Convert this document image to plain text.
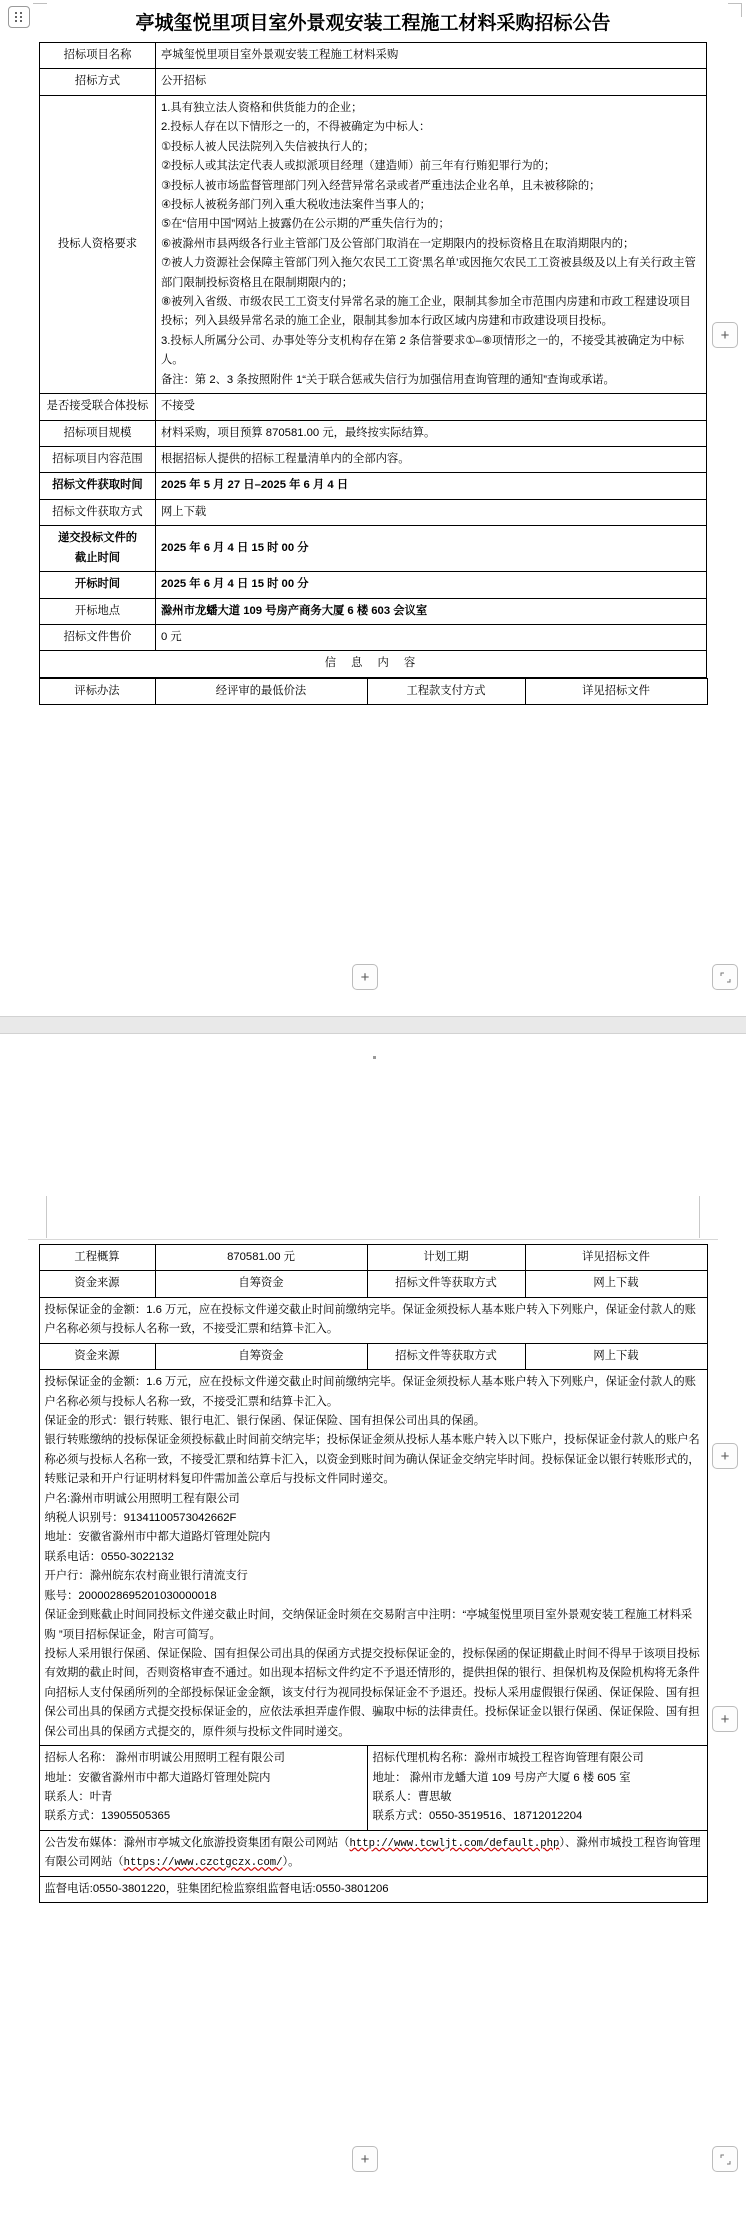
亭城玺悦里项目室外景观安装工程施工材料采购招标公告
招标项目名称	亭城玺悦里项目室外景观安装工程施工材料采购
招标方式	公开招标
投标人资格要求	

1.具有独立法人资格和供货能力的企业；

2.投标人存在以下情形之一的，不得被确定为中标人：

①投标人被人民法院列入失信被执行人的；

②投标人或其法定代表人或拟派项目经理（建造师）前三年有行贿犯罪行为的；

③投标人被市场监督管理部门列入经营异常名录或者严重违法企业名单，且未被移除的；

④投标人被税务部门列入重大税收违法案件当事人的；

⑤在“信用中国”网站上披露仍在公示期的严重失信行为的；

⑥被滁州市县两级各行业主管部门及公管部门取消在一定期限内的投标资格且在取消期限内的；

⑦被人力资源社会保障主管部门列入拖欠农民工工资‘黑名单’或因拖欠农民工工资被县级及以上有关行政主管部门限制投标资格且在限制期限内的；

⑧被列入省级、市级农民工工资支付异常名录的施工企业，限制其参加全市范围内房建和市政工程建设项目投标；列入县级异常名录的施工企业，限制其参加本行政区域内房建和市政建设项目投标。

3.投标人所属分公司、办事处等分支机构存在第 2 条信誉要求①–⑧项情形之一的，不接受其被确定为中标人。

备注：第 2、3 条按照附件 1“关于联合惩戒失信行为加强信用查询管理的通知”查询或承诺。

是否接受联合体投标	不接受
招标项目规模	材料采购，项目预算 870581.00 元，最终按实际结算。
招标项目内容范围	根据招标人提供的招标工程量清单内的全部内容。
招标文件获取时间	2025 年 5 月 27 日–2025 年 6 月 4 日
招标文件获取方式	网上下载
递交投标文件的
截止时间	2025 年 6 月 4 日 15 时 00 分
开标时间	2025 年 6 月 4 日 15 时 00 分
开标地点	滁州市龙蟠大道 109 号房产商务大厦 6 楼 603 会议室
招标文件售价	0 元
信 息 内 容	
评标办法	经评审的最低价法	工程款支付方式	详见招标文件
+
+
工程概算	870581.00 元	计划工期	详见招标文件
资金来源	自筹资金	招标文件等获取方式	网上下载
投标保证金的金额：1.6 万元，应在投标文件递交截止时间前缴纳完毕。保证金须投标人基本账户转入下列账户，保证金付款人的账户名称必须与投标人名称一致，不接受汇票和结算卡汇入。			
资金来源	自筹资金	招标文件等获取方式	网上下载

投标保证金的金额：1.6 万元，应在投标文件递交截止时间前缴纳完毕。保证金须投标人基本账户转入下列账户，保证金付款人的账户名称必须与投标人名称一致，不接受汇票和结算卡汇入。

保证金的形式：银行转账、银行电汇、银行保函、保证保险、国有担保公司出具的保函。

银行转账缴纳的投标保证金须投标截止时间前交纳完毕；投标保证金须从投标人基本账户转入以下账户，投标保证金付款人的账户名称必须与投标人名称一致，不接受汇票和结算卡汇入，以资金到账时间为确认保证金交纳完毕时间。投标保证金以银行转账形式的，转账记录和开户行证明材料复印件需加盖公章后与投标文件同时递交。

户名:滁州市明诚公用照明工程有限公司

纳税人识别号：91341100573042662F

地址：安徽省滁州市中都大道路灯管理处院内

联系电话：0550-3022132

开户行：滁州皖东农村商业银行清流支行

账号：2000028695201030000018

保证金到账截止时间同投标文件递交截止时间，交纳保证金时须在交易附言中注明：“亭城玺悦里项目室外景观安装工程施工材料采购 ”项目招标保证金，附言可简写。

投标人采用银行保函、保证保险、国有担保公司出具的保函方式提交投标保证金的，投标保函的保证期截止时间不得早于该项目投标有效期的截止时间，否则资格审查不通过。如出现本招标文件约定不予退还情形的，提供担保的银行、担保机构及保险机构将无条件向招标人支付保函所列的全部投标保证金金额，该支付行为视同投标保证金不予退还。投标人采用虚假银行保函、保证保险、国有担保公司出具的保函方式提交投标保证金的，应依法承担弄虚作假、骗取中标的法律责任。投标保证金以银行保函、保证保险、国有担保公司出具的保函方式提交的，原件须与投标文件同时递交。

招标人名称： 滁州市明诚公用照明工程有限公司

地址：安徽省滁州市中都大道路灯管理处院内

联系人：叶青

联系方式：13905505365

招标代理机构名称：滁州市城投工程咨询管理有限公司

地址： 滁州市龙蟠大道 109 号房产大厦 6 楼 605 室

联系人：曹思敏

联系方式：0550-3519516、18712012204

公告发布媒体：滁州市亭城文化旅游投资集团有限公司网站（http://www.tcwljt.com/default.php）、滁州市城投工程咨询管理有限公司网站（https://www.czctgczx.com/）。			
监督电话:0550-3801220，驻集团纪检监察组监督电话:0550-3801206			
+
+
+
